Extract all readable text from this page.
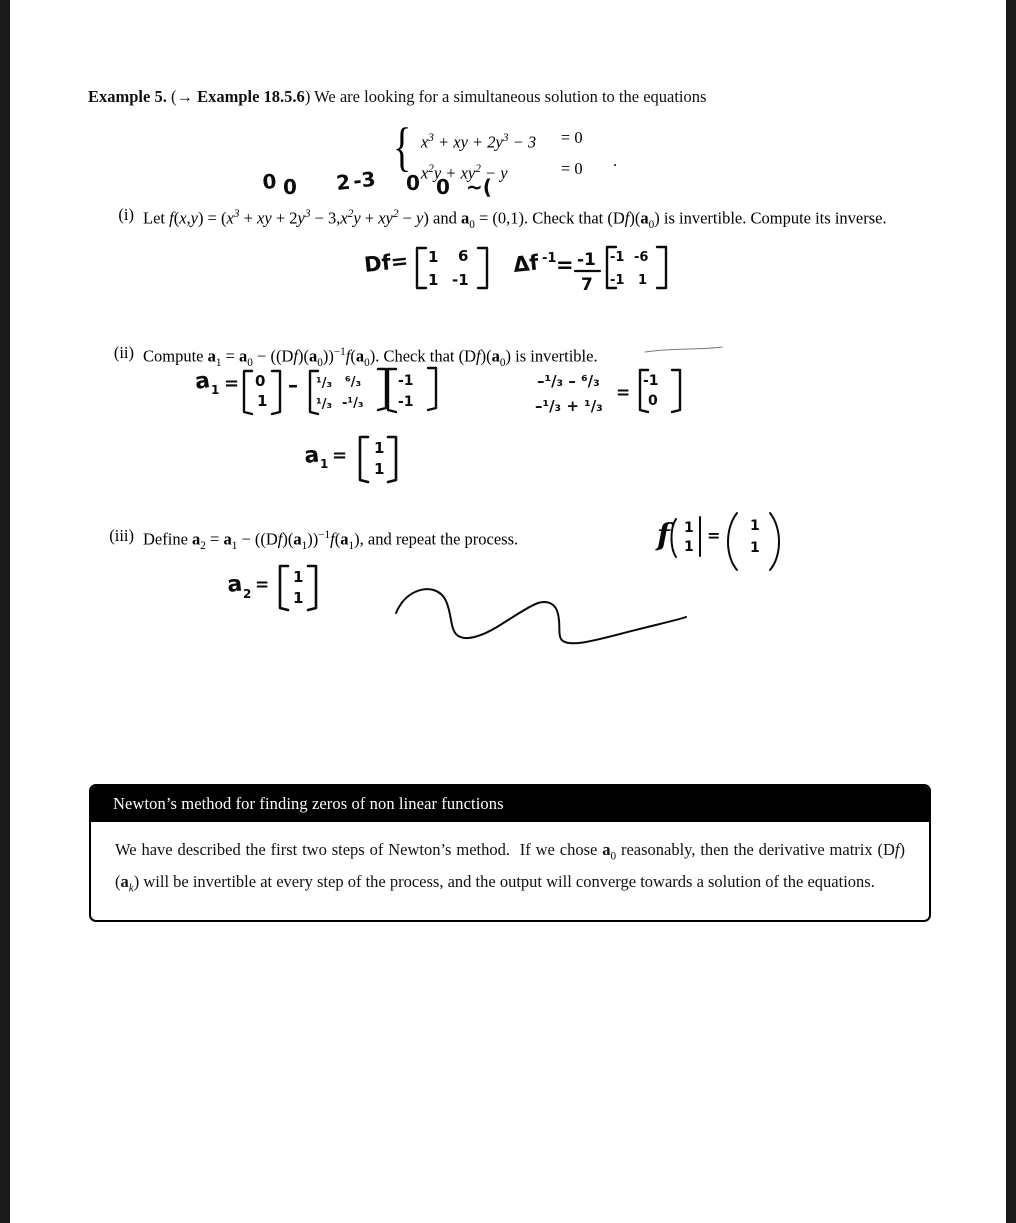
Example 5. (→ Example 18.5.6) We are looking for a simultaneous solution to the equations
{ $x^3$ + xy + $2y^3 - 3$	= 0
$x^2y + xy^2 - y$	= 0	.
(i) Let $f(x,y) = (x^3$ + xy + $2y^3 - 3,x^2y + xy^2 - y$) and $a_0 = (0,1)$. Check that $(Df)(a_0)$ is invertible. Compute its inverse.
(ii) Compute $a_1 = a_0 - ((Df)(a_0))^{-1}f(a_0)$. Check that $(Df)(a_0)$ is invertible.
(iii) Define $a_2 = a_1 - ((Df)(a_1))^{-1}f(a_1)$, and repeat the process.
Newton’s method for finding zeros of non linear functions
We have described the first two steps of Newton’s method.  If we chose $a_0$ reasonably, then the derivative matrix $(Df)(a_k)$ will be invertible at every step of the process, and the output will converge towards a solution of the equations.
0 0 2 -3 0 0 ~(
Df= 1 6
1 -1
Δf -1 = -1
7
-1 -6
-1 1
a 1 = 0
1
– ¹/₃ ⁶/₃
¹/₃ -¹/₃
-1
-1
–¹/₃ – ⁶/₃
–¹/₃ + ¹/₃
=
-1
0
a 1 = 1
1
f	1
1
= 1
1
a 2 = 1
1
